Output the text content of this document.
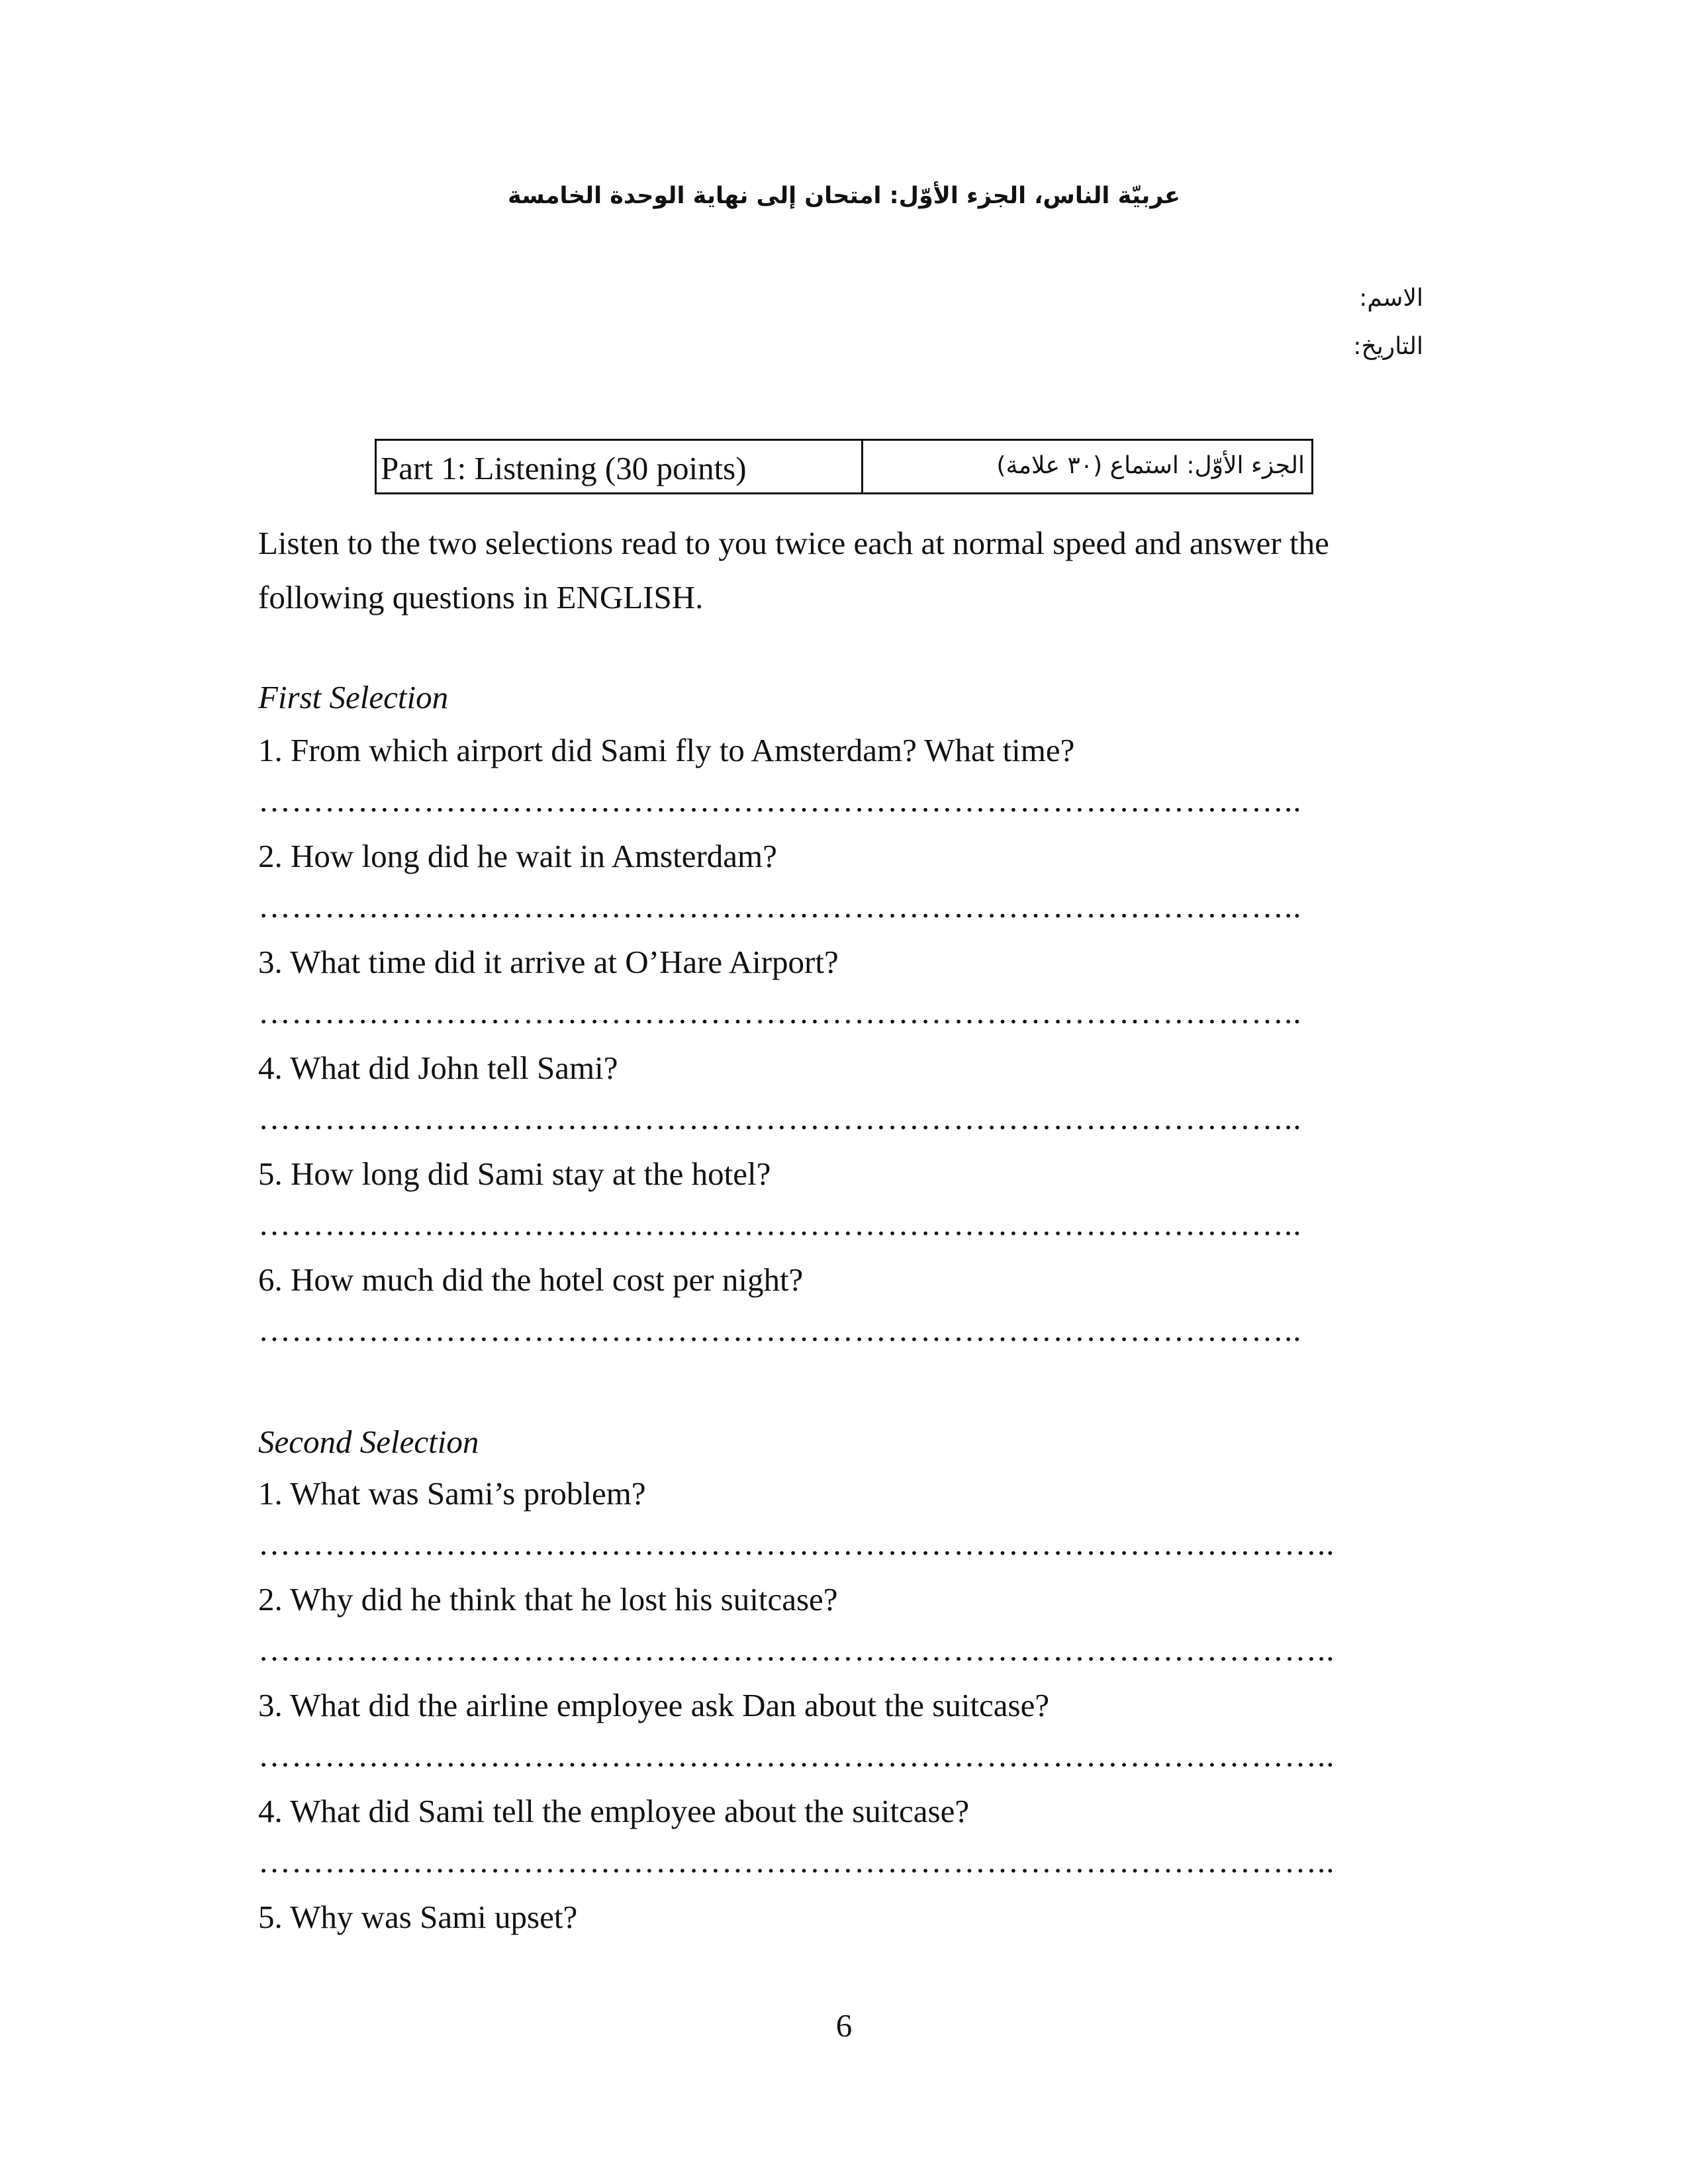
عربيّة الناس، الجزء الأوّل: امتحان إلى نهاية الوحدة الخامسة
الاسم:
التاريخ:
Part 1: Listening (30 points)	الجزء الأوّل: استماع (٣٠ علامة)
Listen to the two selections read to you twice each at normal speed and answer the following questions in ENGLISH.
First Selection
1. From which airport did Sami fly to Amsterdam? What time?
…………………………………………………………………………………..
2. How long did he wait in Amsterdam?
…………………………………………………………………………………..
3. What time did it arrive at O’Hare Airport?
…………………………………………………………………………………..
4. What did John tell Sami?
…………………………………………………………………………………..
5. How long did Sami stay at the hotel?
…………………………………………………………………………………..
6. How much did the hotel cost per night?
…………………………………………………………………………………..
Second Selection
1. What was Sami’s problem?
……………………………………………………………………………………..
2. Why did he think that he lost his suitcase?
……………………………………………………………………………………..
3. What did the airline employee ask Dan about the suitcase?
……………………………………………………………………………………..
4. What did Sami tell the employee about the suitcase?
……………………………………………………………………………………..
5. Why was Sami upset?
6
